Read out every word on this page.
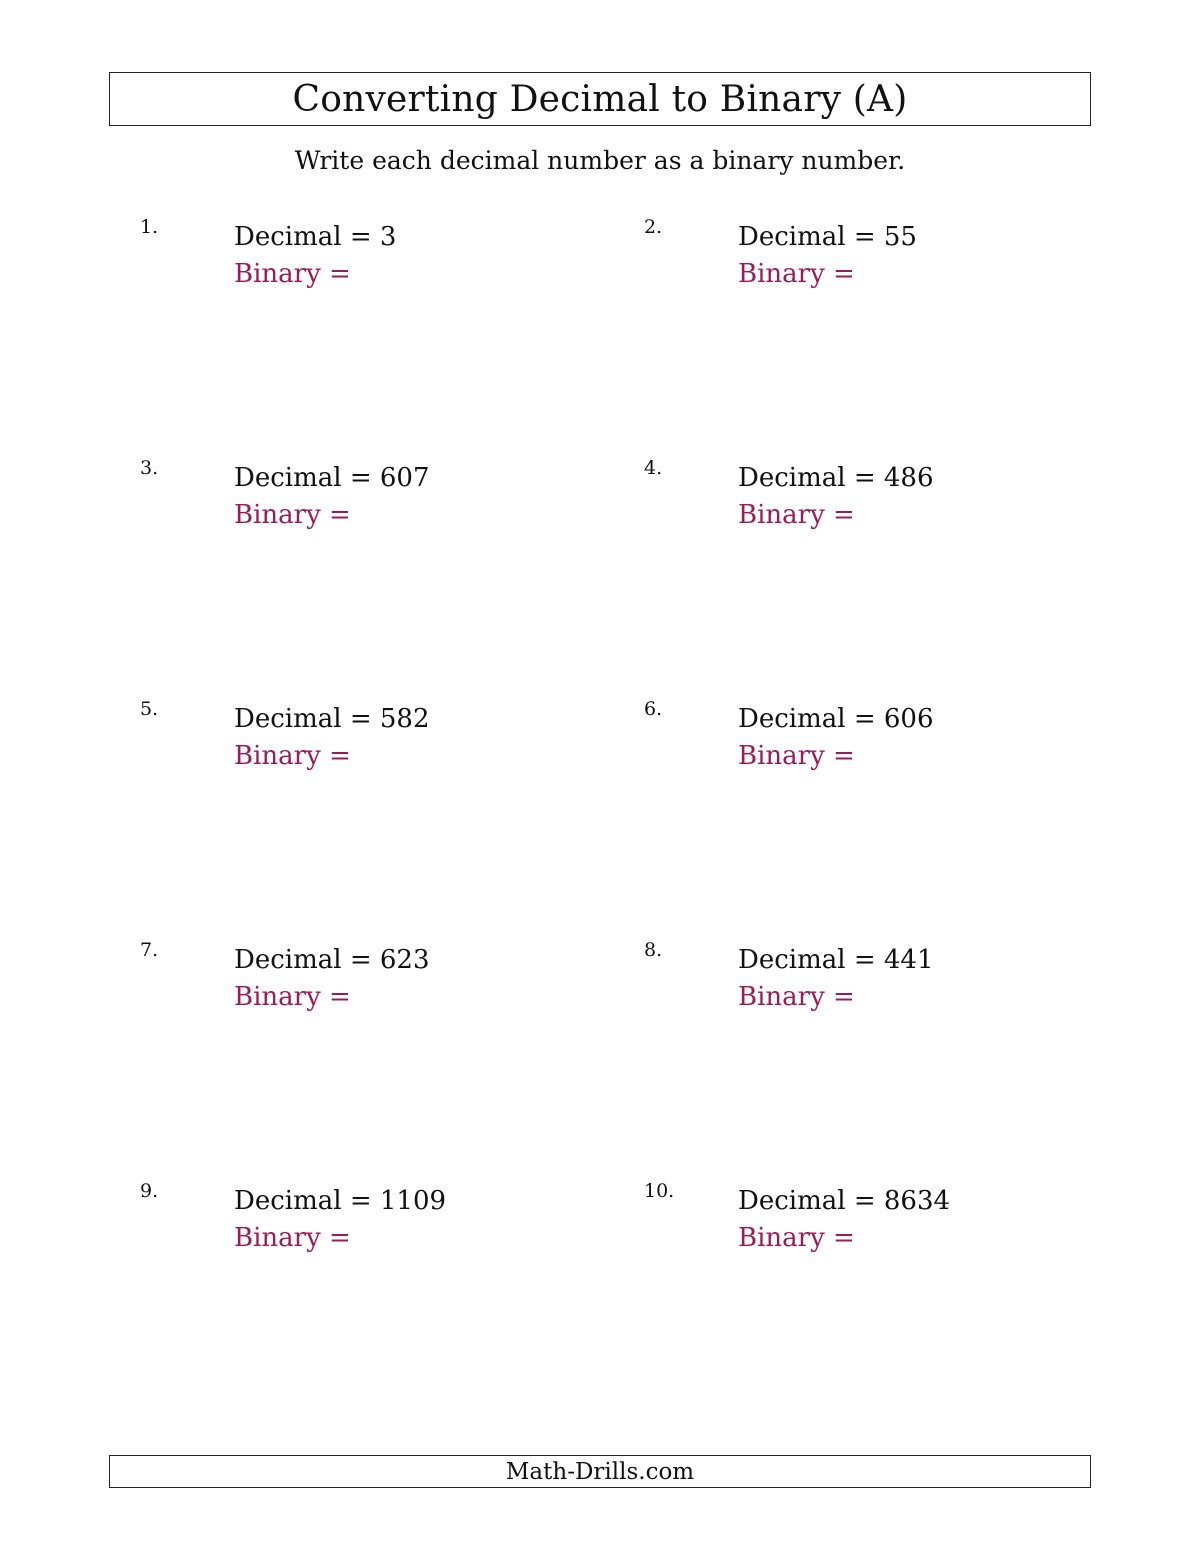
Converting Decimal to Binary (A)
Write each decimal number as a binary number.
1.	Decimal = 3
Binary =
2.	Decimal = 55
Binary =
3.	Decimal = 607
Binary =
4.	Decimal = 486
Binary =
5.	Decimal = 582
Binary =
6.	Decimal = 606
Binary =
7.	Decimal = 623
Binary =
8.	Decimal = 441
Binary =
9.	Decimal = 1109
Binary =
10. Decimal = 8634
Binary =
Math-Drills.com
